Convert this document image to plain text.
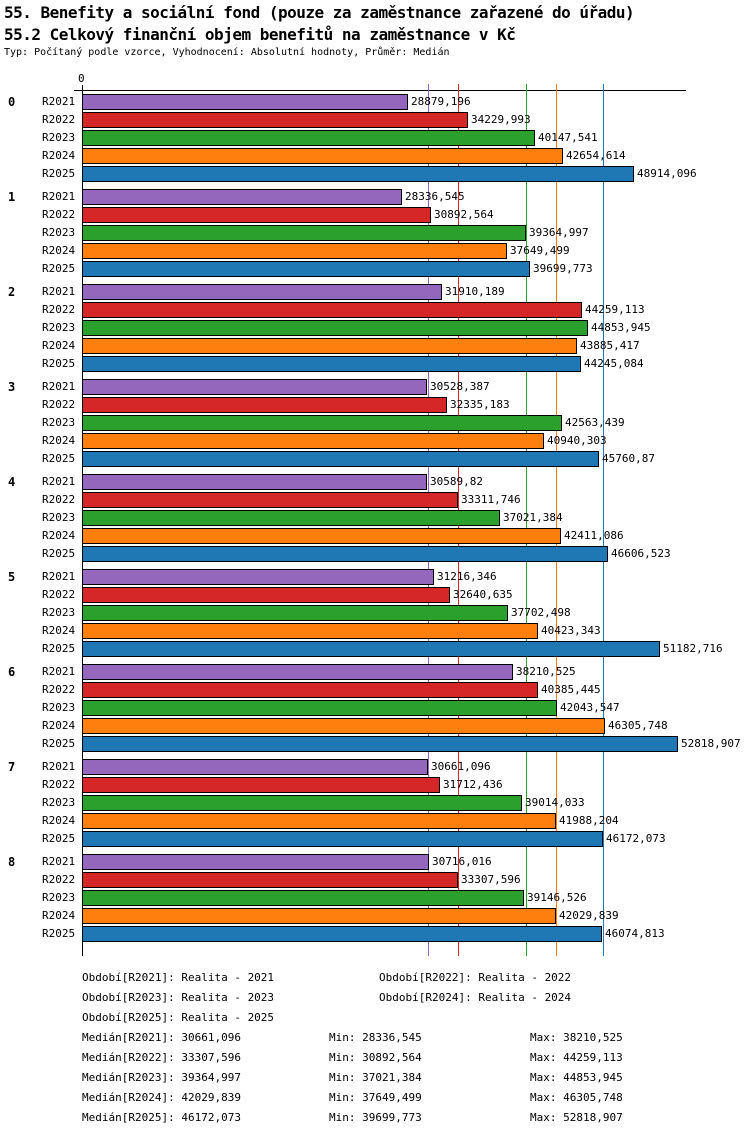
55. Benefity a sociální fond (pouze za zaměstnance zařazené do úřadu)
55.2 Celkový finanční objem benefitů na zaměstnance v Kč
Typ: Počítaný podle vzorce, Vyhodnocení: Absolutní hodnoty, Průměr: Medián
0
0 R2021	28879,196
R2022	34229,993
R2023	40147,541
R2024	42654,614
R2025	48914,096
1 R2021	28336,545
R2022	30892,564
R2023	39364,997
R2024	37649,499
R2025	39699,773
2 R2021	31910,189
R2022	44259,113
R2023	44853,945
R2024	43885,417
R2025	44245,084
3 R2021	30528,387
R2022	32335,183
R2023	42563,439
R2024	40940,303
R2025	45760,87
4 R2021	30589,82
R2022	33311,746
R2023	37021,384
R2024	42411,086
R2025	46606,523
5 R2021	31216,346
R2022	32640,635
R2023	37702,498
R2024	40423,343
R2025	51182,716
6 R2021	38210,525
R2022	40385,445
R2023	42043,547
R2024	46305,748
R2025	52818,907
7 R2021	30661,096
R2022	31712,436
R2023	39014,033
R2024	41988,204
R2025	46172,073
8 R2021	30716,016
R2022	33307,596
R2023	39146,526
R2024	42029,839
R2025	46074,813
Období[R2021]: Realita - 2021	Období[R2022]: Realita - 2022
Období[R2023]: Realita - 2023	Období[R2024]: Realita - 2024
Období[R2025]: Realita - 2025
Medián[R2021]: 30661,096	Min: 28336,545	Max: 38210,525
Medián[R2022]: 33307,596	Min: 30892,564	Max: 44259,113
Medián[R2023]: 39364,997	Min: 37021,384	Max: 44853,945
Medián[R2024]: 42029,839	Min: 37649,499	Max: 46305,748
Medián[R2025]: 46172,073	Min: 39699,773	Max: 52818,907
